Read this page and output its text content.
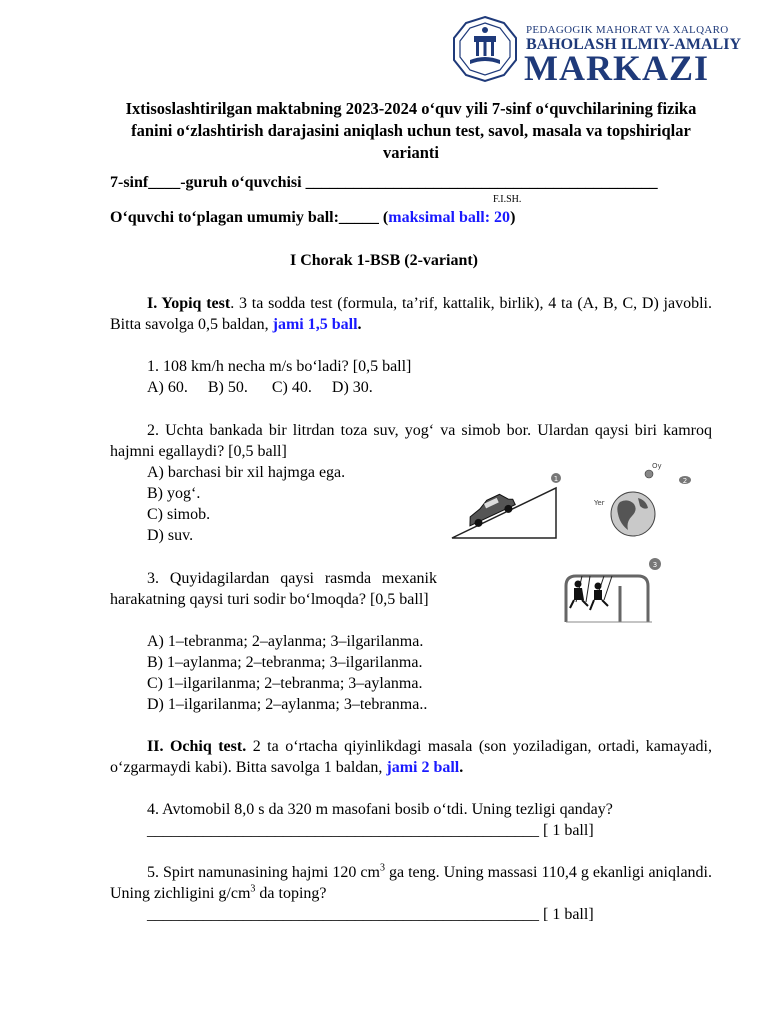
PEDAGOGIK MAHORAT VA XALQARO
BAHOLASH ILMIY-AMALIY
MARKAZI
Ixtisoslashtirilgan maktabning 2023-2024 o‘quv yili 7-sinf o‘quvchilarining fizika fanini o‘zlashtirish darajasini aniqlash uchun test, savol, masala va topshiriqlar varianti
7-sinf____-guruh o‘quvchisi ____________________________________________
F.I.SH.
O‘quvchi to‘plagan umumiy ball:_____ (maksimal ball: 20)
I Chorak 1-BSB (2-variant)
I. Yopiq test. 3 ta sodda test (formula, ta’rif, kattalik, birlik), 4 ta (A, B, C, D) javobli. Bitta savolga 0,5 baldan, jami 1,5 ball.
1. 108 km/h necha m/s bo‘ladi? [0,5 ball]
A) 60.     B) 50.      C) 40.     D) 30.
2. Uchta bankada bir litrdan toza suv, yog‘ va simob bor. Ulardan qaysi biri kamroq hajmni egallaydi? [0,5 ball]
A) barchasi bir xil hajmga ega.
B) yog‘.
C) simob.
D) suv.
1
Oy
2
Yer
3. Quyidagilardan qaysi rasmda mexanik harakatning qaysi turi sodir bo‘lmoqda? [0,5 ball]
A) 1–tebranma; 2–aylanma; 3–ilgarilanma.
B) 1–aylanma; 2–tebranma; 3–ilgarilanma.
C) 1–ilgarilanma; 2–tebranma; 3–aylanma.
D) 1–ilgarilanma; 2–aylanma; 3–tebranma..
3
II. Ochiq test. 2 ta o‘rtacha qiyinlikdagi masala (son yoziladigan, ortadi, kamayadi, o‘zgarmaydi kabi). Bitta savolga 1 baldan, jami 2 ball.
4. Avtomobil 8,0 s da 320 m masofani bosib o‘tdi. Uning tezligi qanday?
_________________________________________________ [ 1 ball]
5. Spirt namunasining hajmi 120 $cm^3$ ga teng. Uning massasi 110,4 g ekanligi aniqlandi. Uning zichligini $g/cm^3$ da toping?
_________________________________________________ [ 1 ball]
